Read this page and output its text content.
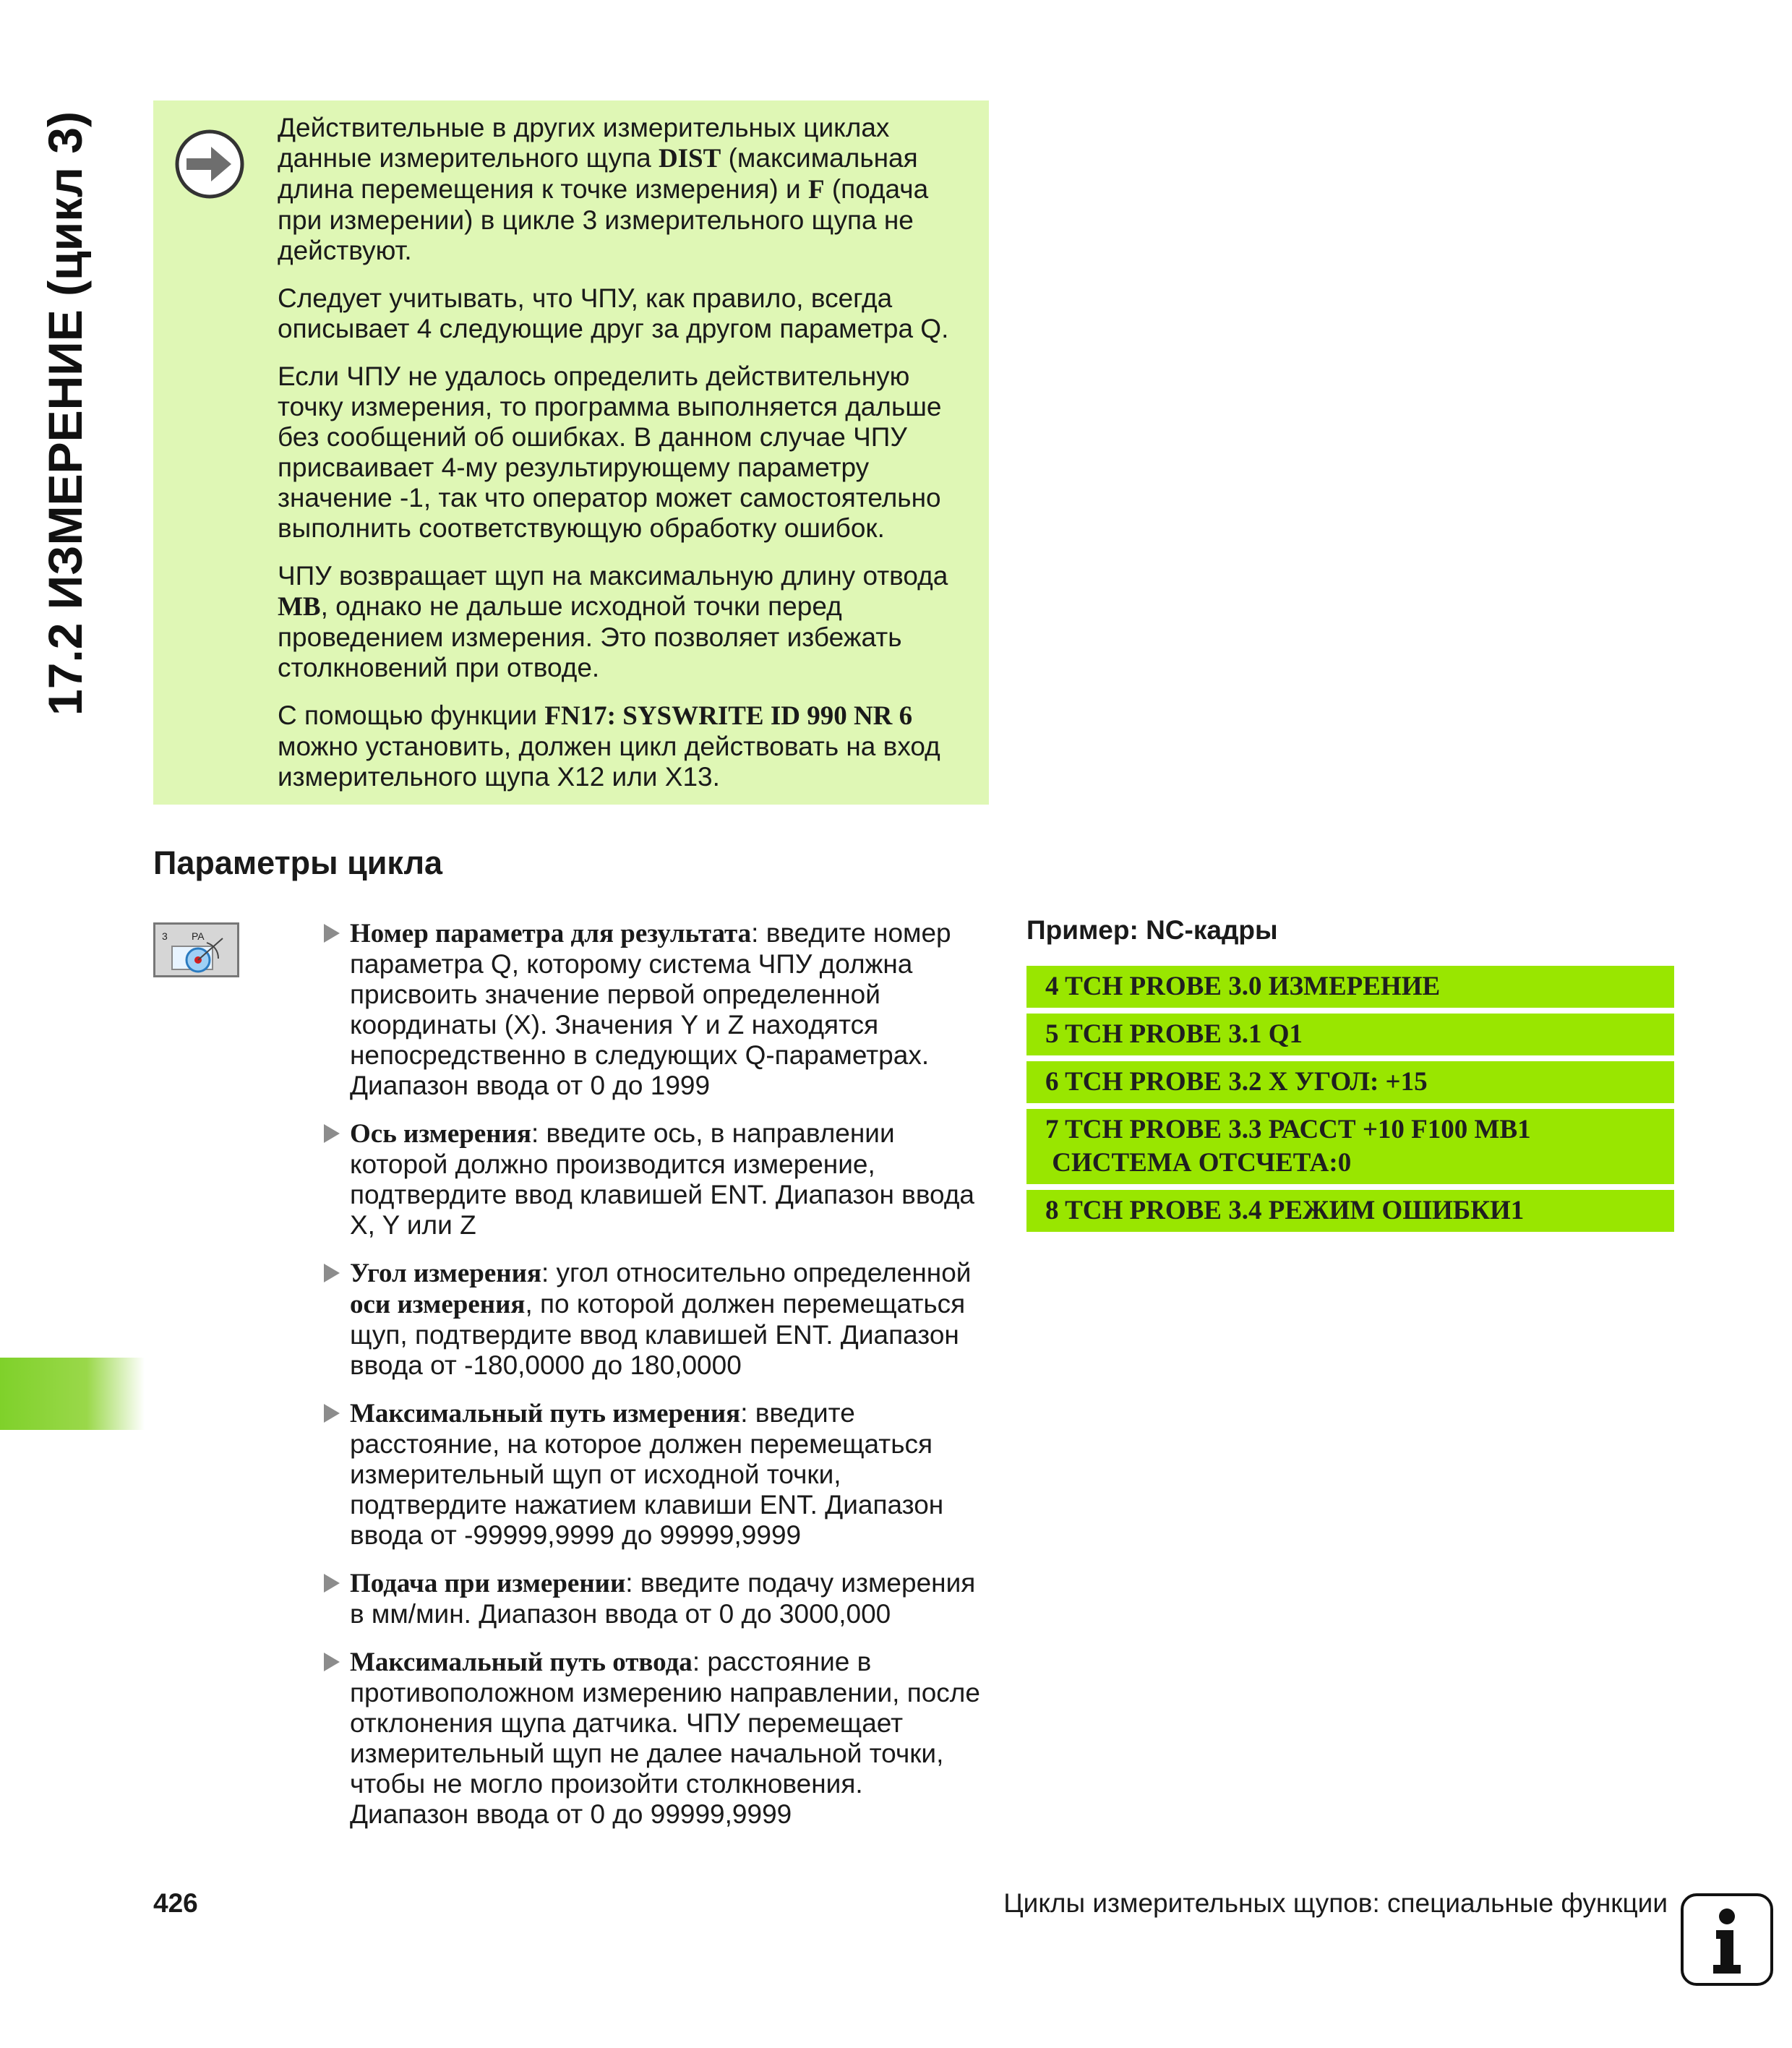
17.2 ИЗМЕРЕНИЕ (цикл 3)	Действительные в других измерительных циклах данные измерительного щупа DIST (максимальная длина перемещения к точке измерения) и F (подача при измерении) в цикле 3 измерительного щупа не действуют.

Следует учитывать, что ЧПУ, как правило, всегда описывает 4 следующие друг за другом параметра Q.

Если ЧПУ не удалось определить действительную точку измерения, то программа выполняется дальше без сообщений об ошибках. В данном случае ЧПУ присваивает 4-му результирующему параметру значение -1, так что оператор может самостоятельно выполнить соответствующую обработку ошибок.

ЧПУ возвращает щуп на максимальную длину отвода MB, однако не дальше исходной точки перед проведением измерения. Это позволяет избежать столкновений при отводе.

С помощью функции FN17: SYSWRITE ID 990 NR 6 можно установить, должен цикл действовать на вход измерительного щупа X12 или X13.

Параметры цикла
3 PA	Номер параметра для результата: введите номер параметра Q, которому система ЧПУ должна присвоить значение первой определенной координаты (X). Значения Y и Z находятся непосредственно в следующих Q-параметрах. Диапазон ввода от 0 до 1999
Ось измерения: введите ось, в направлении которой должно производится измерение, подтвердите ввод клавишей ENT. Диапазон ввода X, Y или Z
Угол измерения: угол относительно определенной оси измерения, по которой должен перемещаться щуп, подтвердите ввод клавишей ENT. Диапазон ввода от -180,0000 до 180,0000
Максимальный путь измерения: введите расстояние, на которое должен перемещаться измерительный щуп от исходной точки, подтвердите нажатием клавиши ENT. Диапазон ввода от -99999,9999 до 99999,9999
Подача при измерении: введите подачу измерения в мм/мин. Диапазон ввода от 0 до 3000,000
Максимальный путь отвода: расстояние в противоположном измерению направлении, после отклонения щупа датчика. ЧПУ перемещает измерительный щуп не далее начальной точки, чтобы не могло произойти столкновения. Диапазон ввода от 0 до 99999,9999
Пример: NC-кадры
4 TCH PROBE 3.0 ИЗМЕРЕНИЕ
5 TCH PROBE 3.1 Q1
6 TCH PROBE 3.2 X УГОЛ: +15
7 TCH PROBE 3.3 РАССТ +10 F100 MB1
СИСТЕМА ОТСЧЕТА:0
8 TCH PROBE 3.4 РЕЖИМ ОШИБКИ1
426	Циклы измерительных щупов: специальные функции
